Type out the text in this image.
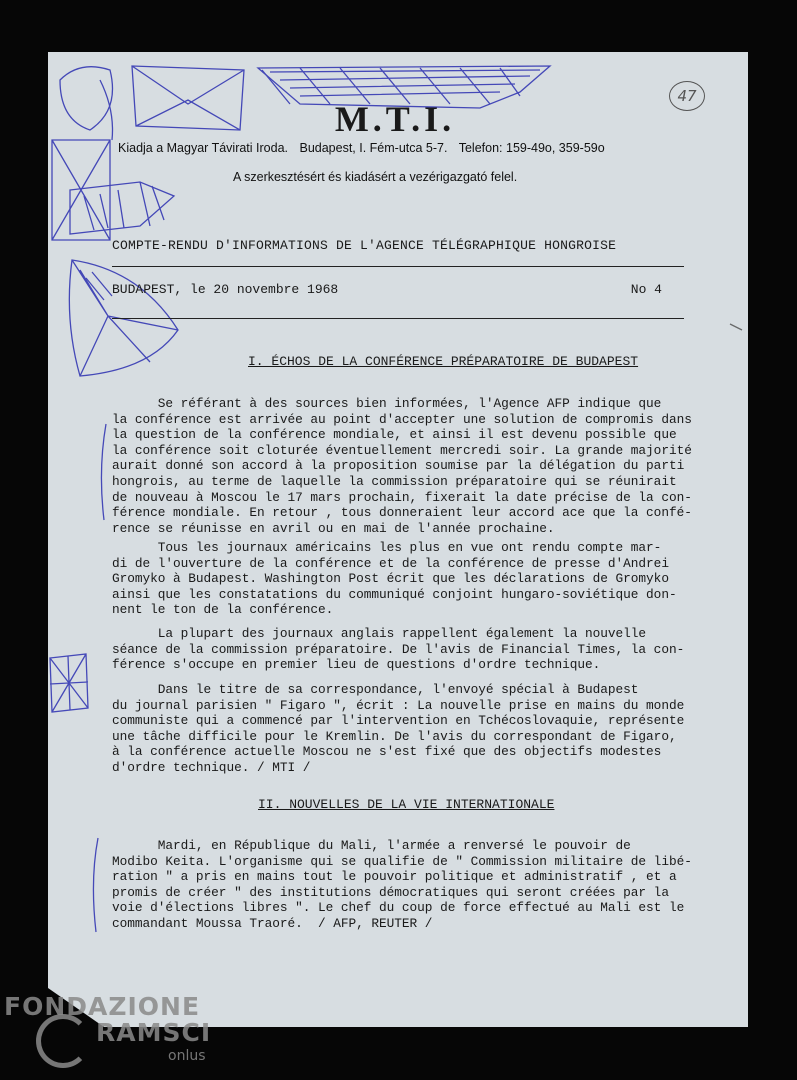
47
M.T.I.

Kiadja a Magyar Távirati Iroda. Budapest, I. Fém-utca 5-7. Telefon: 159-49o, 359-59o

A szerkesztésért és kiadásért a vezérigazgató felel.

COMPTE-RENDU D'INFORMATIONS DE L'AGENCE TÉLÉGRAPHIQUE HONGROISE

BUDAPEST, le 20 novembre 1968	No 4
I. ÉCHOS DE LA CONFÉRENCE PRÉPARATOIRE DE BUDAPEST
Se référant à des sources bien informées, l'Agence AFP indique que
la conférence est arrivée au point d'accepter une solution de compromis dans
la question de la conférence mondiale, et ainsi il est devenu possible que
la conférence soit cloturée éventuellement mercredi soir. La grande majorité
aurait donné son accord à la proposition soumise par la délégation du parti
hongrois, au terme de laquelle la commission préparatoire qui se réunirait
de nouveau à Moscou le 17 mars prochain, fixerait la date précise de la con-
férence mondiale. En retour , tous donneraient leur accord ace que la confé-
rence se réunisse en avril ou en mai de l'année prochaine.
Tous les journaux américains les plus en vue ont rendu compte mar-
di de l'ouverture de la conférence et de la conférence de presse d'Andrei
Gromyko à Budapest. Washington Post écrit que les déclarations de Gromyko
ainsi que les constatations du communiqué conjoint hungaro-soviétique don-
nent le ton de la conférence.
La plupart des journaux anglais rappellent également la nouvelle
séance de la commission préparatoire. De l'avis de Financial Times, la con-
férence s'occupe en premier lieu de questions d'ordre technique.
Dans le titre de sa correspondance, l'envoyé spécial à Budapest
du journal parisien " Figaro ", écrit : La nouvelle prise en mains du monde
communiste qui a commencé par l'intervention en Tchécoslovaquie, représente
une tâche difficile pour le Kremlin. De l'avis du correspondant de Figaro,
à la conférence actuelle Moscou ne s'est fixé que des objectifs modestes
d'ordre technique. / MTI /
II. NOUVELLES DE LA VIE INTERNATIONALE
Mardi, en République du Mali, l'armée a renversé le pouvoir de
Modibo Keita. L'organisme qui se qualifie de " Commission militaire de libé-
ration " a pris en mains tout le pouvoir politique et administratif , et a
promis de créer " des institutions démocratiques qui seront créées par la
voie d'élections libres ". Le chef du coup de force effectué au Mali est le
commandant Moussa Traoré.  / AFP, REUTER /

FONDAZIONE

RAMSCI

onlus
